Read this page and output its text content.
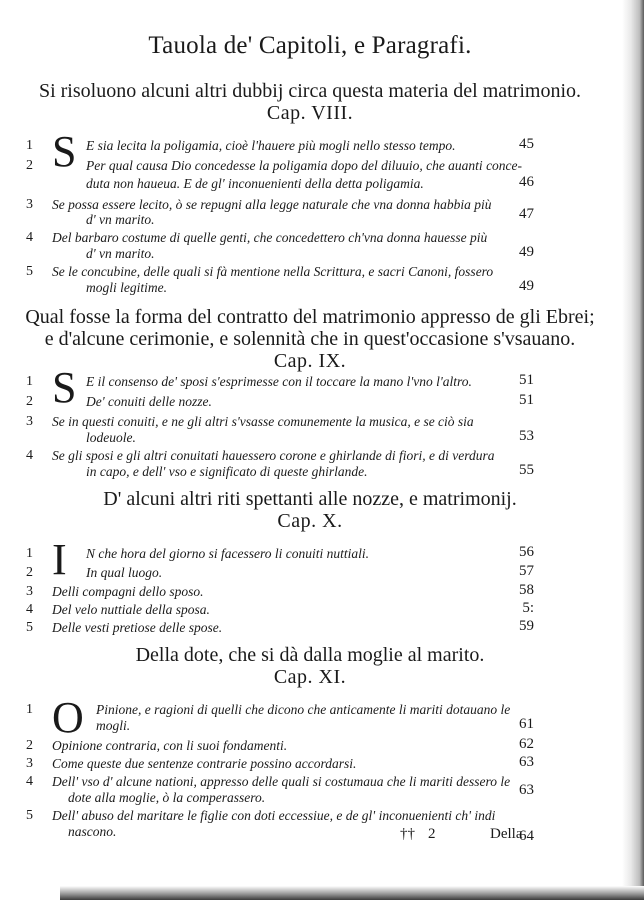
Tauola de' Capitoli, e Paragrafi.
Si risoluono alcuni altri dubbij circa questa materia del matrimonio.
Cap. VIII.
1 S E sia lecita la poligamia, cioè l'hauere più mogli nello stesso tempo.	45
2	Per qual causa Dio concedesse la poligamia dopo del diluuio, che auanti conce-
duta non haueua. E de gl' inconuenienti della detta poligamia.	46
3 Se possa essere lecito, ò se repugni alla legge naturale che vna donna habbia più
d' vn marito.	47
4 Del barbaro costume di quelle genti, che concedettero ch'vna donna hauesse più
d' vn marito.	49
5 Se le concubine, delle quali si fà mentione nella Scrittura, e sacri Canoni, fossero
mogli legitime.	49
Qual fosse la forma del contratto del matrimonio appresso de gli Ebrei;
e d'alcune cerimonie, e solennità che in quest'occasione s'vsauano.
Cap. IX.
1 S E il consenso de' sposi s'esprimesse con il toccare la mano l'vno l'altro.	51
2	De' conuiti delle nozze.	51
3 Se in questi conuiti, e ne gli altri s'vsasse comunemente la musica, e se ciò sia
lodeuole.	53
4 Se gli sposi e gli altri conuitati hauessero corone e ghirlande di fiori, e di verdura
in capo, e dell' vso e significato di queste ghirlande.	55
D' alcuni altri riti spettanti alle nozze, e matrimonij.
Cap. X.
1 I N che hora del giorno si facessero li conuiti nuttiali.	56
2	In qual luogo.	57
3 Delli compagni dello sposo.	58
4 Del velo nuttiale della sposa.	5:
5 Delle vesti pretiose delle spose.	59
Della dote, che si dà dalla moglie al marito.
Cap. XI.
1 O Pinione, e ragioni di quelli che dicono che anticamente li mariti dotauano le
mogli.	61
2 Opinione contraria, con li suoi fondamenti.	62
3 Come queste due sentenze contrarie possino accordarsi.	63
4 Dell' vso d' alcune nationi, appresso delle quali si costumaua che li mariti dessero le
dote alla moglie, ò la comperassero.	63
5 Dell' abuso del maritare le figlie con doti eccessiue, e de gl' inconuenienti ch' indi
nascono.	64
†† 2	Della
